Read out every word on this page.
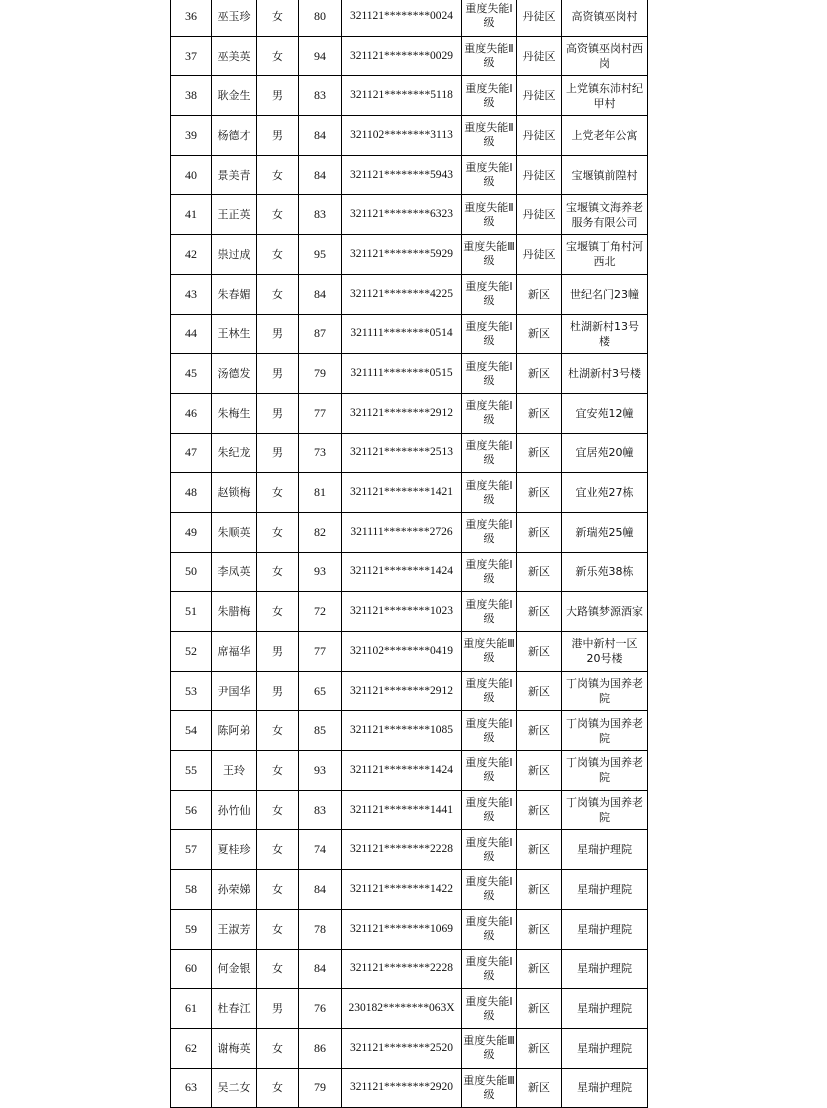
36	巫玉珍	女	80	321121********0024	重度失能Ⅰ级	丹徒区	高资镇巫岗村
37	巫美英	女	94	321121********0029	重度失能Ⅱ级	丹徒区	高资镇巫岗村西岗
38	耿金生	男	83	321121********5118	重度失能Ⅰ级	丹徒区	上党镇东沛村纪甲村
39	杨德才	男	84	321102********3113	重度失能Ⅱ级	丹徒区	上党老年公寓
40	景美青	女	84	321121********5943	重度失能Ⅰ级	丹徒区	宝堰镇前隍村
41	王正英	女	83	321121********6323	重度失能Ⅱ级	丹徒区	宝堰镇文海养老服务有限公司
42	祟过成	女	95	321121********5929	重度失能Ⅲ级	丹徒区	宝堰镇丁角村河西北
43	朱春媚	女	84	321121********4225	重度失能Ⅰ级	新区	世纪名门23幢
44	王林生	男	87	321111********0514	重度失能Ⅰ级	新区	杜湖新村13号楼
45	汤德发	男	79	321111********0515	重度失能Ⅰ级	新区	杜湖新村3号楼
46	朱梅生	男	77	321121********2912	重度失能Ⅰ级	新区	宜安苑12幢
47	朱纪龙	男	73	321121********2513	重度失能Ⅰ级	新区	宜居苑20幢
48	赵锁梅	女	81	321121********1421	重度失能Ⅰ级	新区	宜业苑27栋
49	朱顺英	女	82	321111********2726	重度失能Ⅰ级	新区	新瑞苑25幢
50	李凤英	女	93	321121********1424	重度失能Ⅰ级	新区	新乐苑38栋
51	朱腊梅	女	72	321121********1023	重度失能Ⅰ级	新区	大路镇梦源酒家
52	席福华	男	77	321102********0419	重度失能Ⅲ级	新区	港中新村一区20号楼
53	尹国华	男	65	321121********2912	重度失能Ⅰ级	新区	丁岗镇为国养老院
54	陈阿弟	女	85	321121********1085	重度失能Ⅰ级	新区	丁岗镇为国养老院
55	王玲	女	93	321121********1424	重度失能Ⅰ级	新区	丁岗镇为国养老院
56	孙竹仙	女	83	321121********1441	重度失能Ⅰ级	新区	丁岗镇为国养老院
57	夏桂珍	女	74	321121********2228	重度失能Ⅰ级	新区	星瑞护理院
58	孙荣娣	女	84	321121********1422	重度失能Ⅰ级	新区	星瑞护理院
59	王淑芳	女	78	321121********1069	重度失能Ⅰ级	新区	星瑞护理院
60	何金银	女	84	321121********2228	重度失能Ⅰ级	新区	星瑞护理院
61	杜春江	男	76	230182********063X	重度失能Ⅰ级	新区	星瑞护理院
62	谢梅英	女	86	321121********2520	重度失能Ⅲ级	新区	星瑞护理院
63	吴二女	女	79	321121********2920	重度失能Ⅲ级	新区	星瑞护理院
